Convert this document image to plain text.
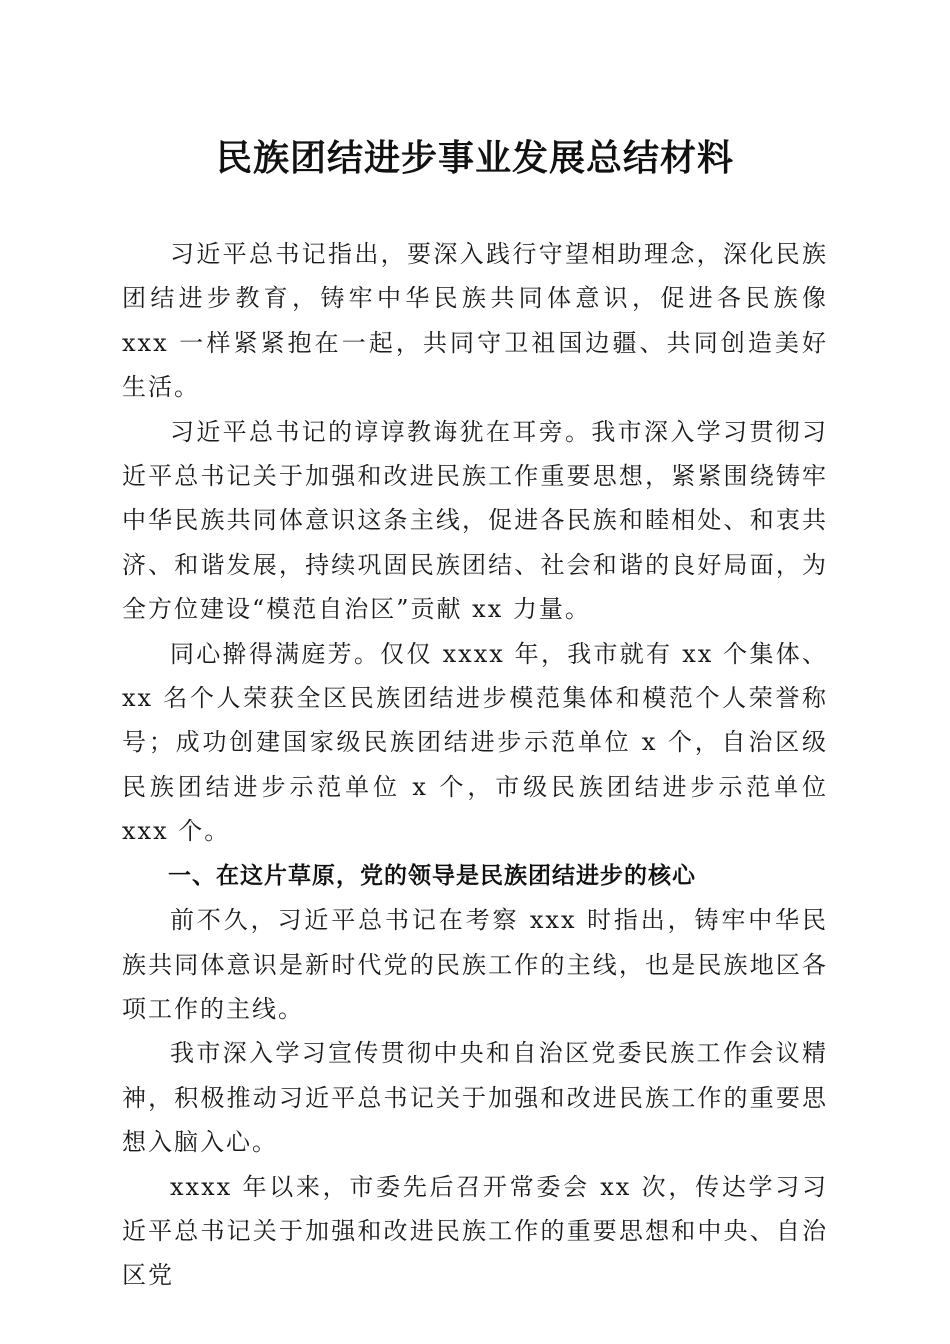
民族团结进步事业发展总结材料

习近平总书记指出，要深入践行守望相助理念，深化民族团结进步教育，铸牢中华民族共同体意识，促进各民族像 xxx 一样紧紧抱在一起，共同守卫祖国边疆、共同创造美好生活。

习近平总书记的谆谆教诲犹在耳旁。我市深入学习贯彻习近平总书记关于加强和改进民族工作重要思想，紧紧围绕铸牢中华民族共同体意识这条主线，促进各民族和睦相处、和衷共济、和谐发展，持续巩固民族团结、社会和谐的良好局面，为全方位建设“模范自治区”贡献 xx 力量。

同心擀得满庭芳。仅仅 xxxx 年，我市就有 xx 个集体、xx 名个人荣获全区民族团结进步模范集体和模范个人荣誉称号；成功创建国家级民族团结进步示范单位 x 个，自治区级民族团结进步示范单位 x 个，市级民族团结进步示范单位 xxx 个。

一、在这片草原，党的领导是民族团结进步的核心

前不久，习近平总书记在考察 xxx 时指出，铸牢中华民族共同体意识是新时代党的民族工作的主线，也是民族地区各项工作的主线。

我市深入学习宣传贯彻中央和自治区党委民族工作会议精神，积极推动习近平总书记关于加强和改进民族工作的重要思想入脑入心。

xxxx 年以来，市委先后召开常委会 xx 次，传达学习习近平总书记关于加强和改进民族工作的重要思想和中央、自治区党
